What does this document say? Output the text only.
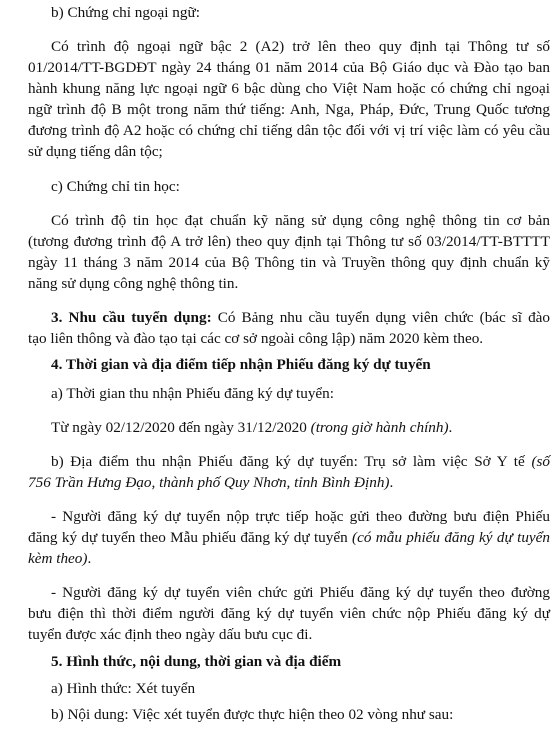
b) Chứng chỉ ngoại ngữ:
Có trình độ ngoại ngữ bậc 2 (A2) trở lên theo quy định tại Thông tư số
01/2014/TT-BGDĐT ngày 24 tháng 01 năm 2014 của Bộ Giáo dục và Đào tạo ban
hành khung năng lực ngoại ngữ 6 bậc dùng cho Việt Nam hoặc có chứng chỉ ngoại
ngữ trình độ B một trong năm thứ tiếng: Anh, Nga, Pháp, Đức, Trung Quốc tương
đương trình độ A2 hoặc có chứng chỉ tiếng dân tộc đối với vị trí việc làm có yêu cầu
sử dụng tiếng dân tộc;
c) Chứng chỉ tin học:
Có trình độ tin học đạt chuẩn kỹ năng sử dụng công nghệ thông tin cơ bản
(tương đương trình độ A trở lên) theo quy định tại Thông tư số 03/2014/TT-BTTTT
ngày 11 tháng 3 năm 2014 của Bộ Thông tin và Truyền thông quy định chuẩn kỹ
năng sử dụng công nghệ thông tin.
3. Nhu cầu tuyển dụng: Có Bảng nhu cầu tuyển dụng viên chức (bác sĩ đào
tạo liên thông và đào tạo tại các cơ sở ngoài công lập) năm 2020 kèm theo.
4. Thời gian và địa điểm tiếp nhận Phiếu đăng ký dự tuyển
a) Thời gian thu nhận Phiếu đăng ký dự tuyển:
Từ ngày 02/12/2020 đến ngày 31/12/2020 (trong giờ hành chính).
b) Địa điểm thu nhận Phiếu đăng ký dự tuyển: Trụ sở làm việc Sở Y tế (số
756 Trần Hưng Đạo, thành phố Quy Nhơn, tỉnh Bình Định).
- Người đăng ký dự tuyển nộp trực tiếp hoặc gửi theo đường bưu điện Phiếu
đăng ký dự tuyển theo Mẫu phiếu đăng ký dự tuyển (có mẫu phiếu đăng ký dự tuyển
kèm theo).
- Người đăng ký dự tuyển viên chức gửi Phiếu đăng ký dự tuyển theo đường
bưu điện thì thời điểm người đăng ký dự tuyển viên chức nộp Phiếu đăng ký dự
tuyển được xác định theo ngày dấu bưu cục đi.
5. Hình thức, nội dung, thời gian và địa điểm
a) Hình thức: Xét tuyển
b) Nội dung: Việc xét tuyển được thực hiện theo 02 vòng như sau:
